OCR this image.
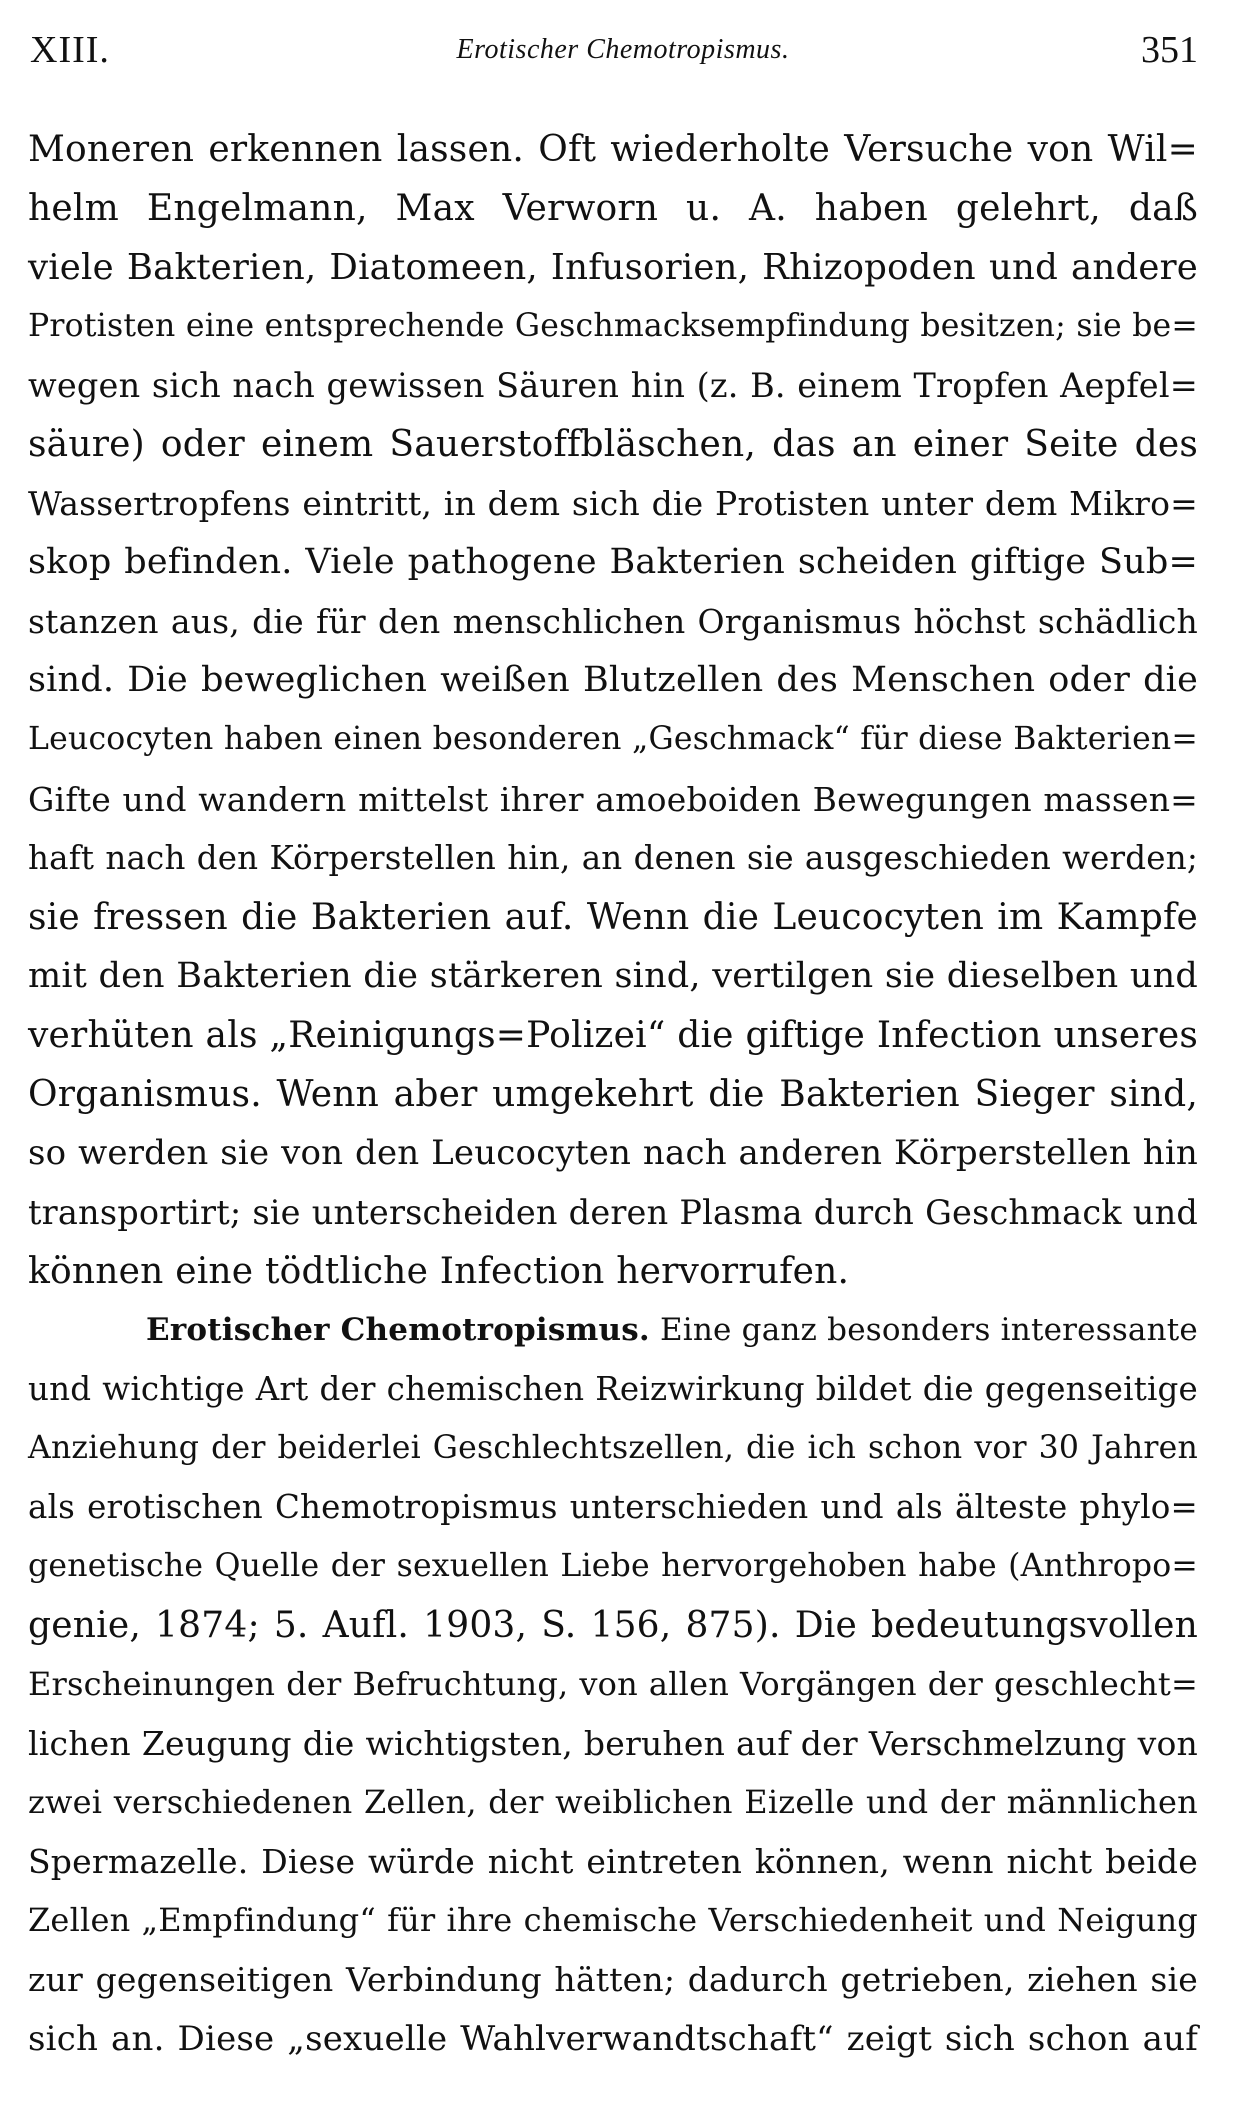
XIII.	Erotischer Chemotropismus.	351
Moneren erkennen lassen. Oft wiederholte Versuche von Wil=
helm Engelmann, Max Verworn u. A. haben gelehrt, daß
viele Bakterien, Diatomeen, Infusorien, Rhizopoden und andere
Protisten eine entsprechende Geschmacksempfindung besitzen; sie be=
wegen sich nach gewissen Säuren hin (z. B. einem Tropfen Aepfel=
säure) oder einem Sauerstoffbläschen, das an einer Seite des
Wassertropfens eintritt, in dem sich die Protisten unter dem Mikro=
skop befinden. Viele pathogene Bakterien scheiden giftige Sub=
stanzen aus, die für den menschlichen Organismus höchst schädlich
sind. Die beweglichen weißen Blutzellen des Menschen oder die
Leucocyten haben einen besonderen „Geschmack“ für diese Bakterien=
Gifte und wandern mittelst ihrer amoeboiden Bewegungen massen=
haft nach den Körperstellen hin, an denen sie ausgeschieden werden;
sie fressen die Bakterien auf. Wenn die Leucocyten im Kampfe
mit den Bakterien die stärkeren sind, vertilgen sie dieselben und
verhüten als „Reinigungs=Polizei“ die giftige Infection unseres
Organismus. Wenn aber umgekehrt die Bakterien Sieger sind,
so werden sie von den Leucocyten nach anderen Körperstellen hin
transportirt; sie unterscheiden deren Plasma durch Geschmack und
können eine tödtliche Infection hervorrufen.
Erotischer Chemotropismus. Eine ganz besonders interessante
und wichtige Art der chemischen Reizwirkung bildet die gegenseitige
Anziehung der beiderlei Geschlechtszellen, die ich schon vor 30 Jahren
als erotischen Chemotropismus unterschieden und als älteste phylo=
genetische Quelle der sexuellen Liebe hervorgehoben habe (Anthropo=
genie, 1874; 5. Aufl. 1903, S. 156, 875). Die bedeutungsvollen
Erscheinungen der Befruchtung, von allen Vorgängen der geschlecht=
lichen Zeugung die wichtigsten, beruhen auf der Verschmelzung von
zwei verschiedenen Zellen, der weiblichen Eizelle und der männlichen
Spermazelle. Diese würde nicht eintreten können, wenn nicht beide
Zellen „Empfindung“ für ihre chemische Verschiedenheit und Neigung
zur gegenseitigen Verbindung hätten; dadurch getrieben, ziehen sie
sich an. Diese „sexuelle Wahlverwandtschaft“ zeigt sich schon auf
